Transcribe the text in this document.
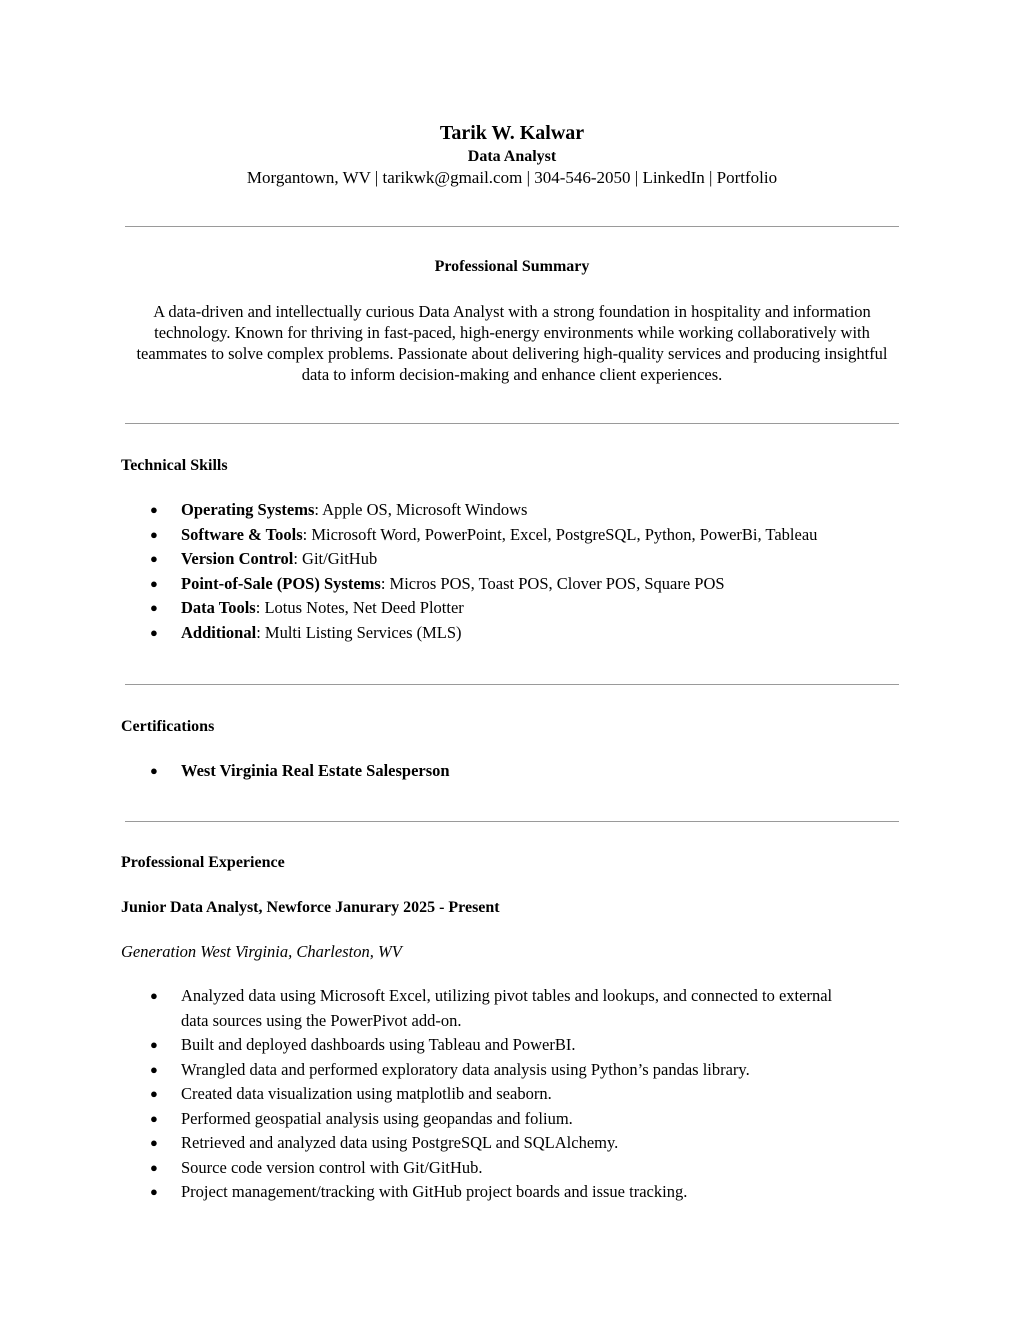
Tarik W. Kalwar
Data Analyst
Morgantown, WV | tarikwk@gmail.com | 304-546-2050 | LinkedIn | Portfolio
Professional Summary
A data-driven and intellectually curious Data Analyst with a strong foundation in hospitality and information technology. Known for thriving in fast-paced, high-energy environments while working collaboratively with teammates to solve complex problems. Passionate about delivering high-quality services and producing insightful data to inform decision-making and enhance client experiences.
Technical Skills
● Operating Systems: Apple OS, Microsoft Windows
● Software & Tools: Microsoft Word, PowerPoint, Excel, PostgreSQL, Python, PowerBi, Tableau
● Version Control: Git/GitHub
● Point-of-Sale (POS) Systems: Micros POS, Toast POS, Clover POS, Square POS
● Data Tools: Lotus Notes, Net Deed Plotter
● Additional: Multi Listing Services (MLS)
Certifications
● West Virginia Real Estate Salesperson
Professional Experience
Junior Data Analyst, Newforce Janurary 2025 - Present
Generation West Virginia, Charleston, WV
● Analyzed data using Microsoft Excel, utilizing pivot tables and lookups, and connected to external data sources using the PowerPivot add-on.
● Built and deployed dashboards using Tableau and PowerBI.
● Wrangled data and performed exploratory data analysis using Python’s pandas library.
● Created data visualization using matplotlib and seaborn.
● Performed geospatial analysis using geopandas and folium.
● Retrieved and analyzed data using PostgreSQL and SQLAlchemy.
● Source code version control with Git/GitHub.
● Project management/tracking with GitHub project boards and issue tracking.
